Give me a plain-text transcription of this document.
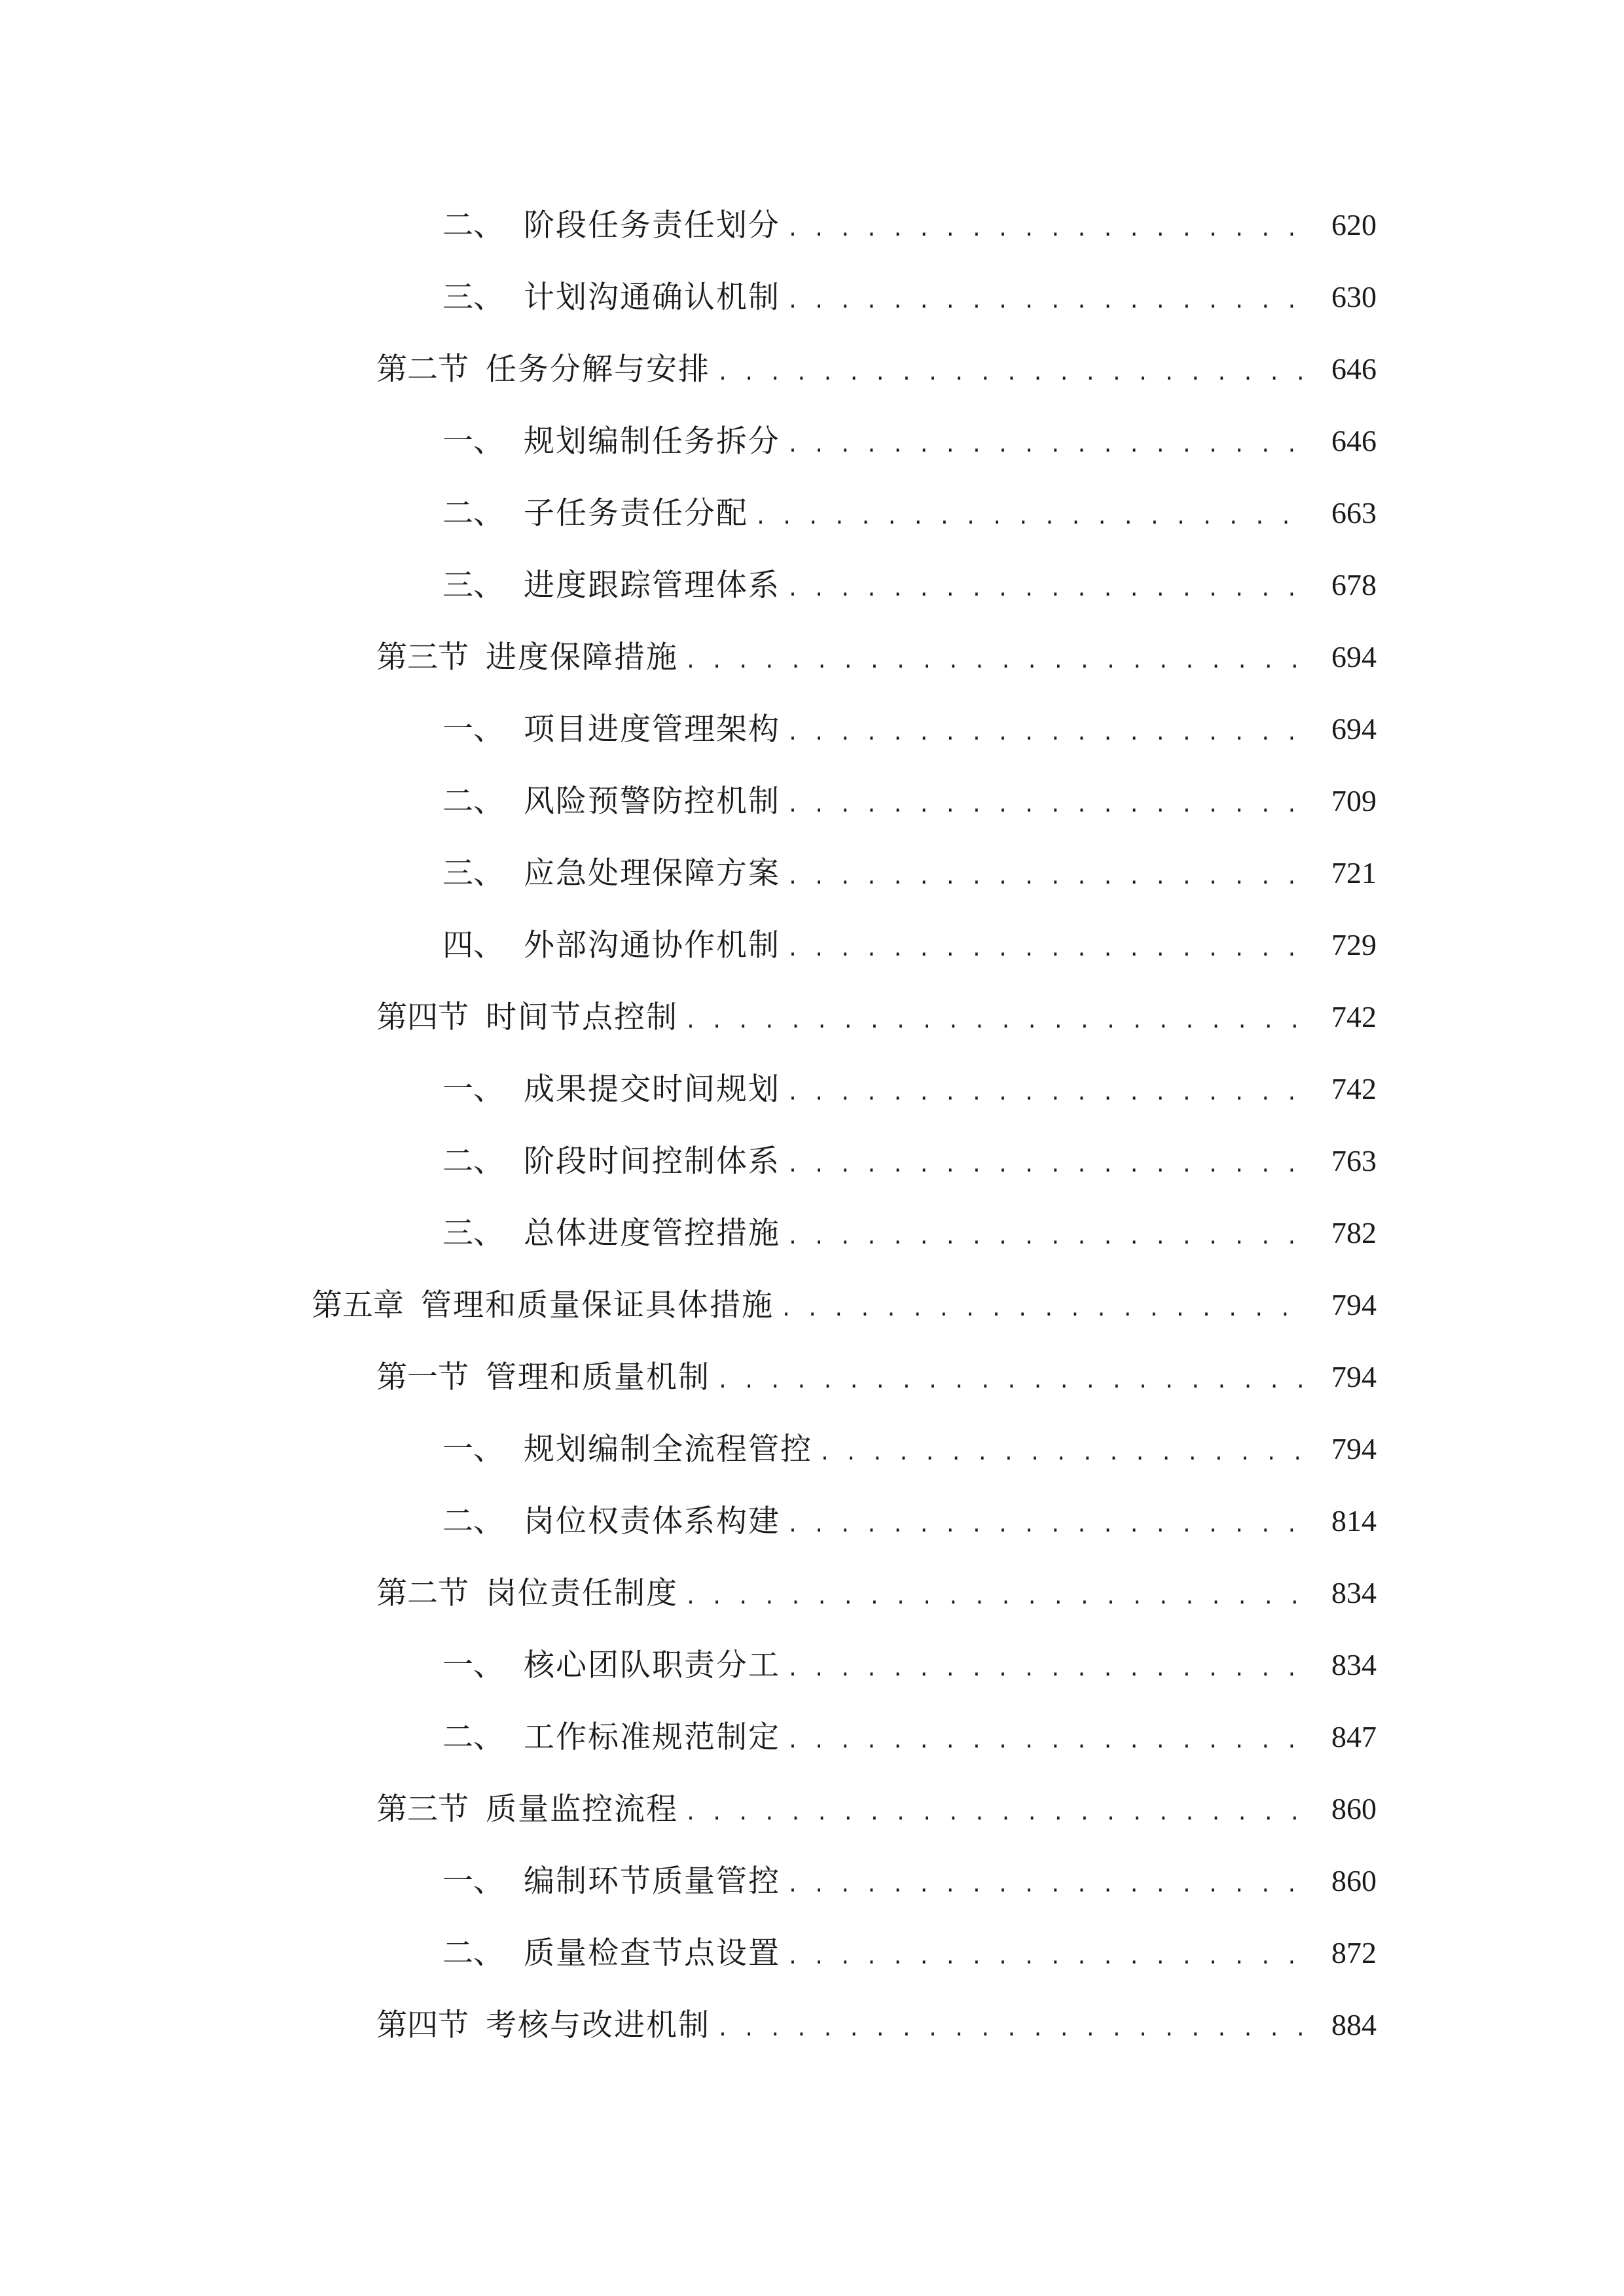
二、 阶段任务责任划分 . . .	620
三、 计划沟通确认机制 . . .	630
第二节 任务分解与安排 . . .	646
一、 规划编制任务拆分 . . .	646
二、 子任务责任分配 . . .	663
三、 进度跟踪管理体系 . . .	678
第三节 进度保障措施 . . .	694
一、 项目进度管理架构 . . .	694
二、 风险预警防控机制 . . .	709
三、 应急处理保障方案 . . .	721
四、 外部沟通协作机制 . . .	729
第四节 时间节点控制 . . .	742
一、 成果提交时间规划 . . .	742
二、 阶段时间控制体系 . . .	763
三、 总体进度管控措施 . . .	782
第五章 管理和质量保证具体措施 . . .	794
第一节 管理和质量机制 . . .	794
一、 规划编制全流程管控 . . .	794
二、 岗位权责体系构建 . . .	814
第二节 岗位责任制度 . . .	834
一、 核心团队职责分工 . . .	834
二、 工作标准规范制定 . . .	847
第三节 质量监控流程 . . .	860
一、 编制环节质量管控 . . .	860
二、 质量检查节点设置 . . .	872
第四节 考核与改进机制 . . .	884
